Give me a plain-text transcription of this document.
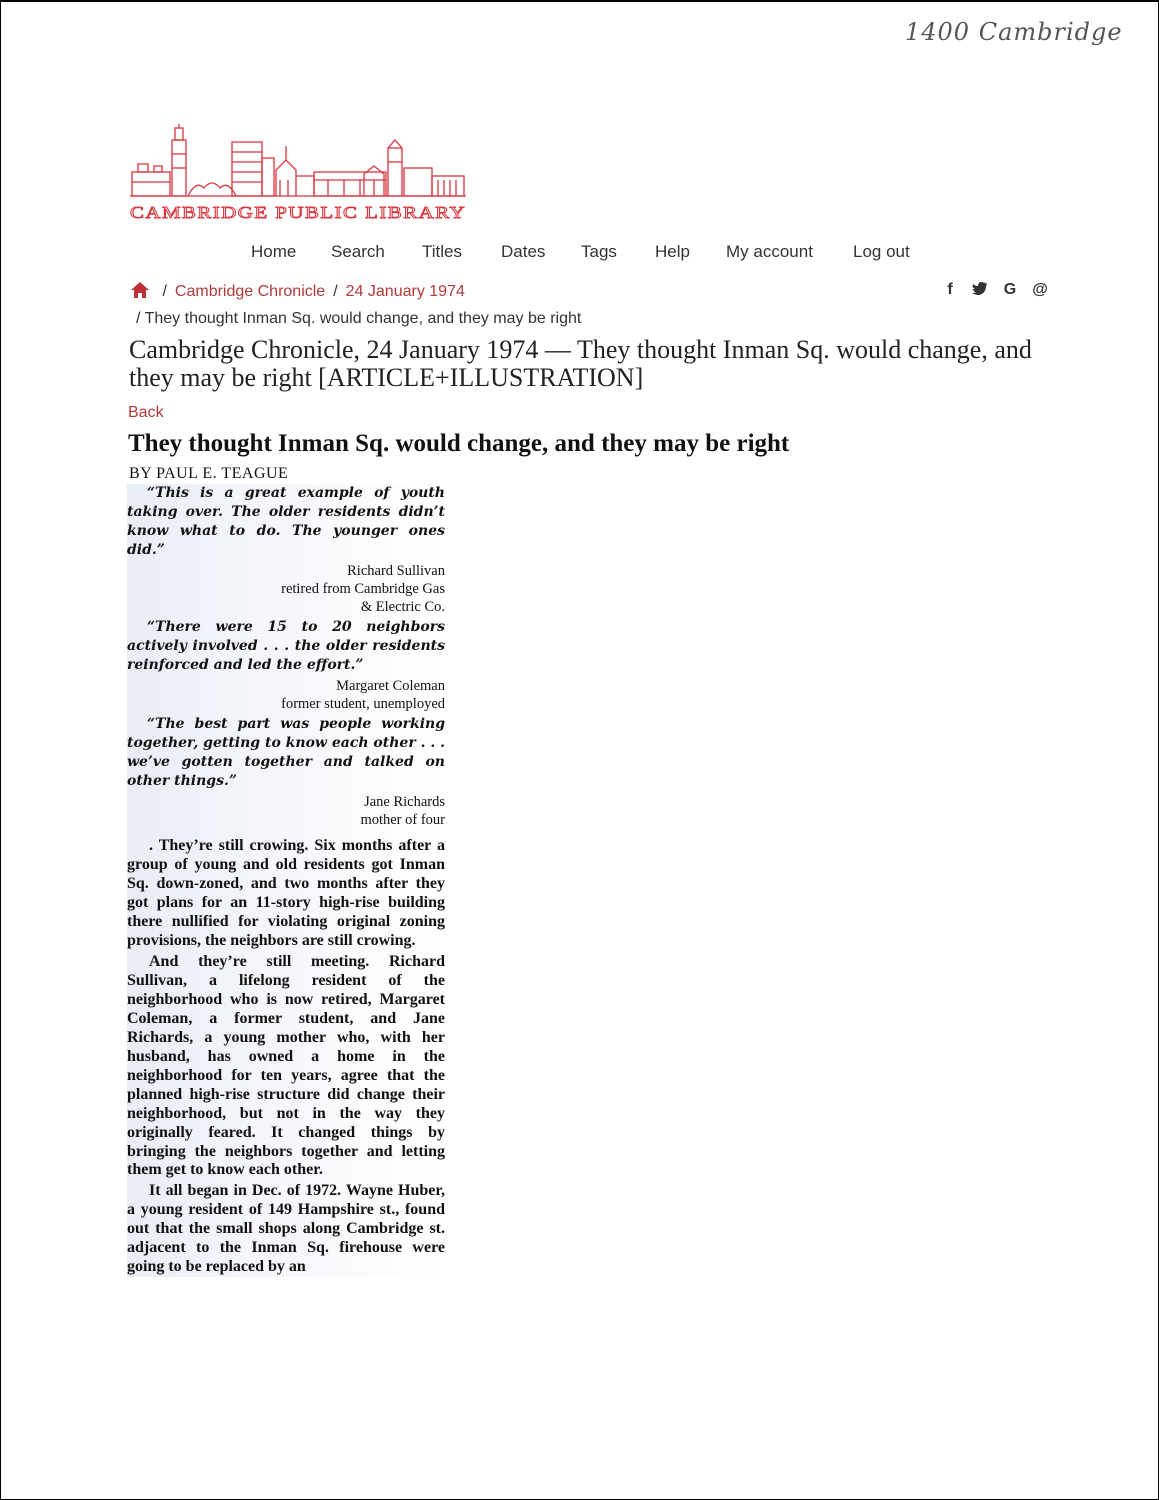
1400 Cambridge
CAMBRIDGE PUBLIC LIBRARY
Home Search Titles Dates Tags Help My account Log out
/ Cambridge Chronicle / 24 January 1974
/ They thought Inman Sq. would change, and they may be right
f	G @
Cambridge Chronicle, 24 January 1974 — They thought Inman Sq. would change, and they may be right [ARTICLE+ILLUSTRATION]
Back
They thought Inman Sq. would change, and they may be right
BY PAUL E. TEAGUE

“This is a great example of youth taking over. The older residents didn’t know what to do. The younger ones did.”

Richard Sullivan

retired from Cambridge Gas

& Electric Co.

“There were 15 to 20 neighbors actively involved . . . the older residents reinforced and led the effort.”

Margaret Coleman

former student, unemployed

“The best part was people working together, getting to know each other . . . we’ve gotten together and talked on other things.”

Jane Richards

mother of four

. They’re still crowing. Six months after a group of young and old residents got Inman Sq. down-zoned, and two months after they got plans for an 11-story high-rise building there nullified for violating original zoning provisions, the neighbors are still crowing.

And they’re still meeting. Richard Sullivan, a lifelong resident of the neighborhood who is now retired, Margaret Coleman, a former student, and Jane Richards, a young mother who, with her husband, has owned a home in the neighborhood for ten years, agree that the planned high-rise structure did change their neighborhood, but not in the way they originally feared. It changed things by bringing the neighbors together and letting them get to know each other.

It all began in Dec. of 1972. Wayne Huber, a young resident of 149 Hampshire st., found out that the small shops along Cambridge st. adjacent to the Inman Sq. firehouse were going to be replaced by an
